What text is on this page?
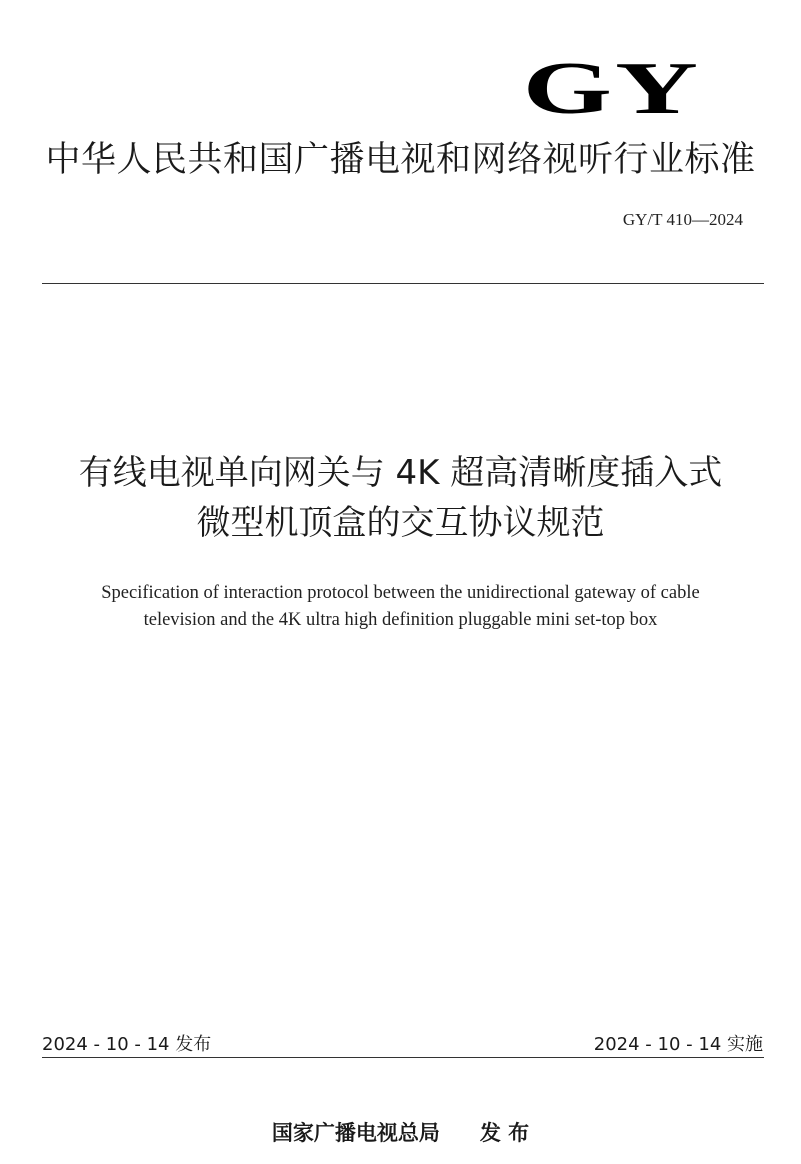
GY
中华人民共和国广播电视和网络视听行业标准
GY/T 410—2024
有线电视单向网关与 4K 超高清晰度插入式
微型机顶盒的交互协议规范
Specification of interaction protocol between the unidirectional gateway of cable
television and the 4K ultra high definition pluggable mini set-top box
2024 - 10 - 14 发布	2024 - 10 - 14 实施
国家广播电视总局 发 布
